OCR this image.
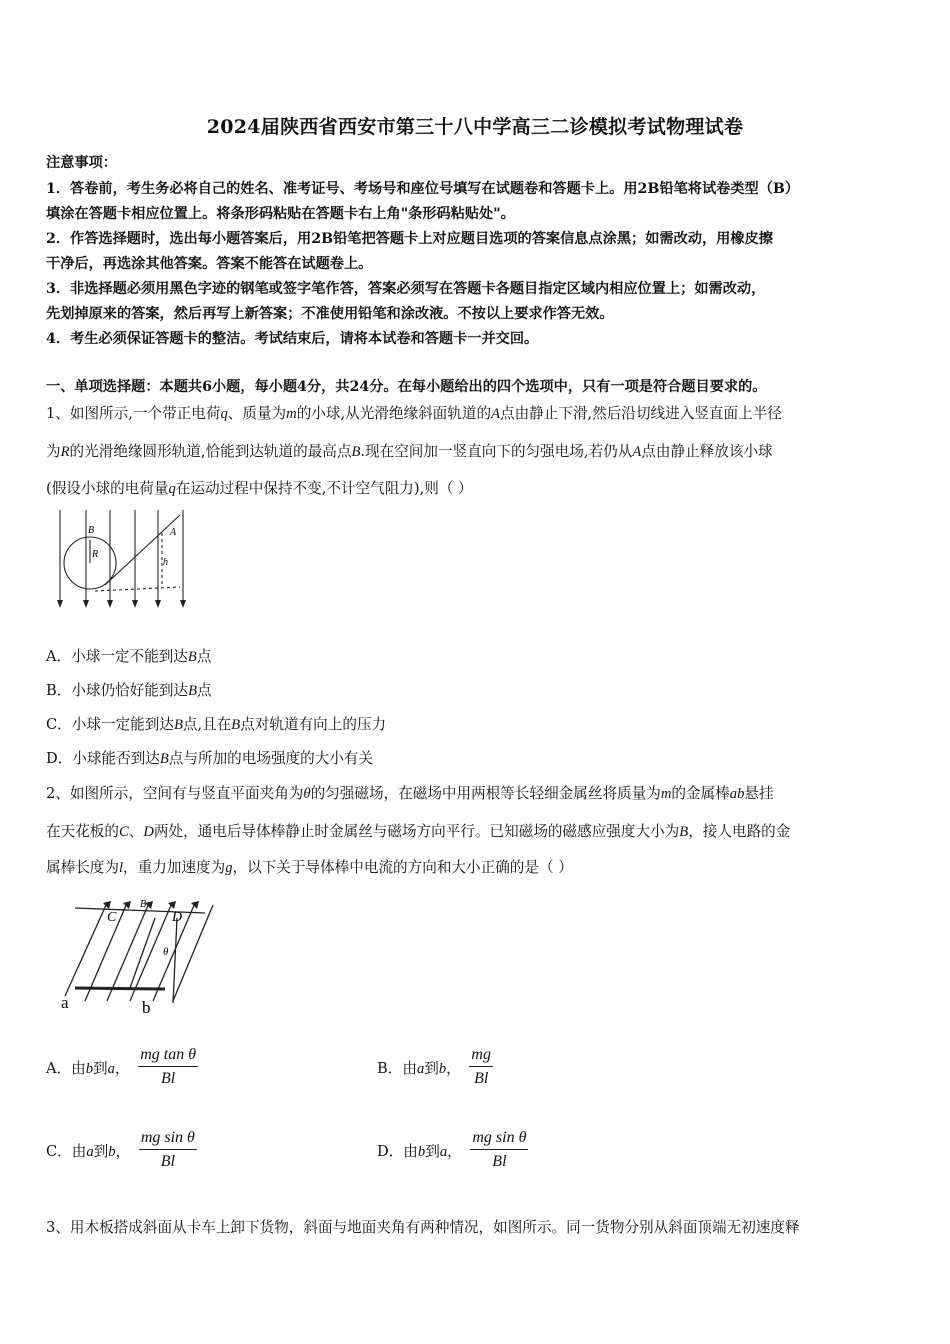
2024届陕西省西安市第三十八中学高三二诊模拟考试物理试卷
注意事项：
1．答卷前，考生务必将自己的姓名、准考证号、考场号和座位号填写在试题卷和答题卡上。用2B铅笔将试卷类型（B）
填涂在答题卡相应位置上。将条形码粘贴在答题卡右上角"条形码粘贴处"。
2．作答选择题时，选出每小题答案后，用2B铅笔把答题卡上对应题目选项的答案信息点涂黑；如需改动，用橡皮擦
干净后，再选涂其他答案。答案不能答在试题卷上。
3．非选择题必须用黑色字迹的钢笔或签字笔作答，答案必须写在答题卡各题目指定区域内相应位置上；如需改动，
先划掉原来的答案，然后再写上新答案；不准使用铅笔和涂改液。不按以上要求作答无效。
4．考生必须保证答题卡的整洁。考试结束后，请将本试卷和答题卡一并交回。
一、单项选择题：本题共6小题，每小题4分，共24分。在每小题给出的四个选项中，只有一项是符合题目要求的。
1、如图所示,一个带正电荷q、质量为m的小球,从光滑绝缘斜面轨道的A点由静止下滑,然后沿切线进入竖直面上半径
为R的光滑绝缘圆形轨道,恰能到达轨道的最高点B.现在空间加一竖直向下的匀强电场,若仍从A点由静止释放该小球
(假设小球的电荷量q在运动过程中保持不变,不计空气阻力),则（ ）
B
R
A
h
A．小球一定不能到达B点
B．小球仍恰好能到达B点
C．小球一定能到达B点,且在B点对轨道有向上的压力
D．小球能否到达B点与所加的电场强度的大小有关
2、如图所示，空间有与竖直平面夹角为θ的匀强磁场，在磁场中用两根等长轻细金属丝将质量为m的金属棒ab悬挂
在天花板的C、D两处，通电后导体棒静止时金属丝与磁场方向平行。已知磁场的磁感应强度大小为B，接人电路的金
属棒长度为l，重力加速度为g，以下关于导体棒中电流的方向和大小正确的是（ ）
C
B
D
θ
a	b
A．由b到a， $\frac{\text{mg tan θ}}{Bl}$	B．由a到b， $\frac{mg}{Bl}$
C．由a到b， $\frac{\text{mg sin θ}}{Bl}$	D．由b到a， $\frac{\text{mg sin θ}}{Bl}$
3、用木板搭成斜面从卡车上卸下货物，斜面与地面夹角有两种情况，如图所示。同一货物分别从斜面顶端无初速度释
